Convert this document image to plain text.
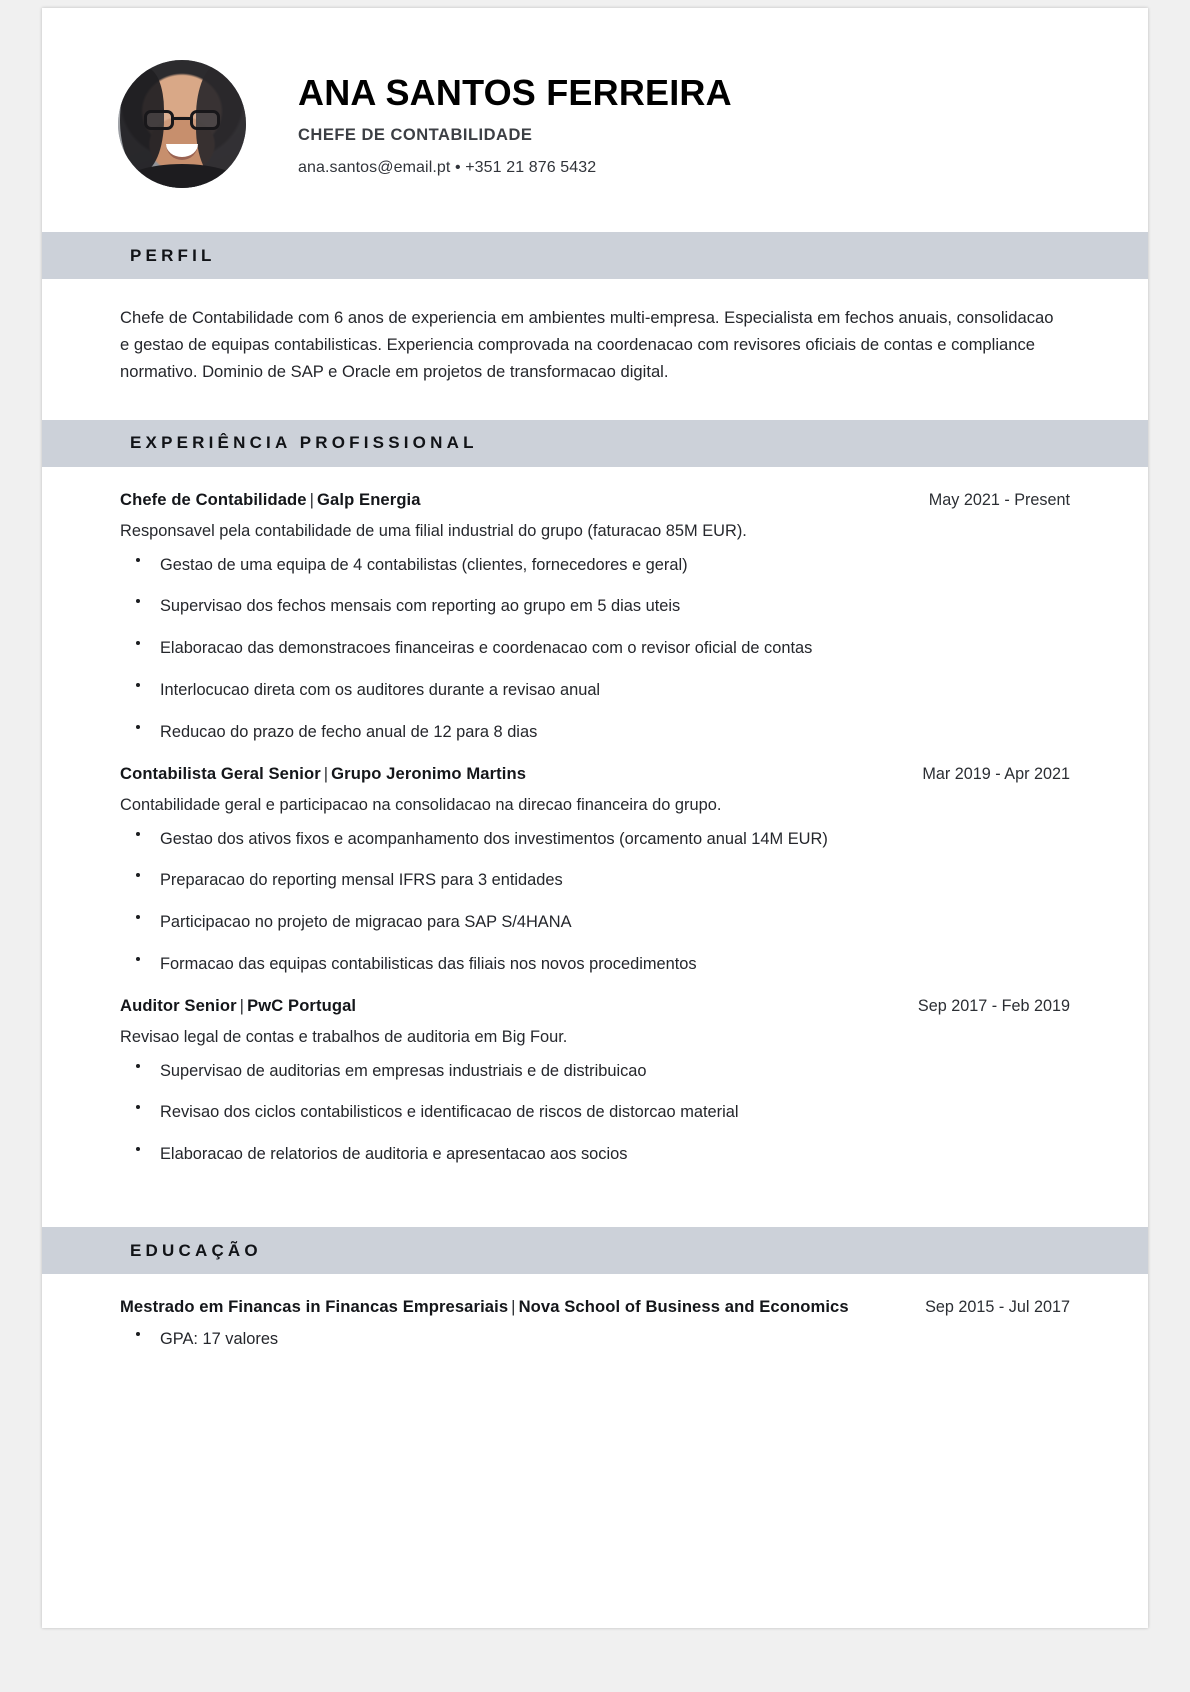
ANA SANTOS FERREIRA
CHEFE DE CONTABILIDADE
ana.santos@email.pt • +351 21 876 5432
PERFIL
Chefe de Contabilidade com 6 anos de experiencia em ambientes multi-empresa. Especialista em fechos anuais, consolidacao e gestao de equipas contabilisticas. Experiencia comprovada na coordenacao com revisores oficiais de contas e compliance normativo. Dominio de SAP e Oracle em projetos de transformacao digital.
EXPERIÊNCIA PROFISSIONAL
Chefe de Contabilidade | Galp Energia	May 2021 - Present
Responsavel pela contabilidade de uma filial industrial do grupo (faturacao 85M EUR).
Gestao de uma equipa de 4 contabilistas (clientes, fornecedores e geral)
Supervisao dos fechos mensais com reporting ao grupo em 5 dias uteis
Elaboracao das demonstracoes financeiras e coordenacao com o revisor oficial de contas
Interlocucao direta com os auditores durante a revisao anual
Reducao do prazo de fecho anual de 12 para 8 dias
Contabilista Geral Senior | Grupo Jeronimo Martins	Mar 2019 - Apr 2021
Contabilidade geral e participacao na consolidacao na direcao financeira do grupo.
Gestao dos ativos fixos e acompanhamento dos investimentos (orcamento anual 14M EUR)
Preparacao do reporting mensal IFRS para 3 entidades
Participacao no projeto de migracao para SAP S/4HANA
Formacao das equipas contabilisticas das filiais nos novos procedimentos
Auditor Senior | PwC Portugal	Sep 2017 - Feb 2019
Revisao legal de contas e trabalhos de auditoria em Big Four.
Supervisao de auditorias em empresas industriais e de distribuicao
Revisao dos ciclos contabilisticos e identificacao de riscos de distorcao material
Elaboracao de relatorios de auditoria e apresentacao aos socios
EDUCAÇÃO
Mestrado em Financas in Financas Empresariais | Nova School of Business and Economics	Sep 2015 - Jul 2017
GPA: 17 valores
